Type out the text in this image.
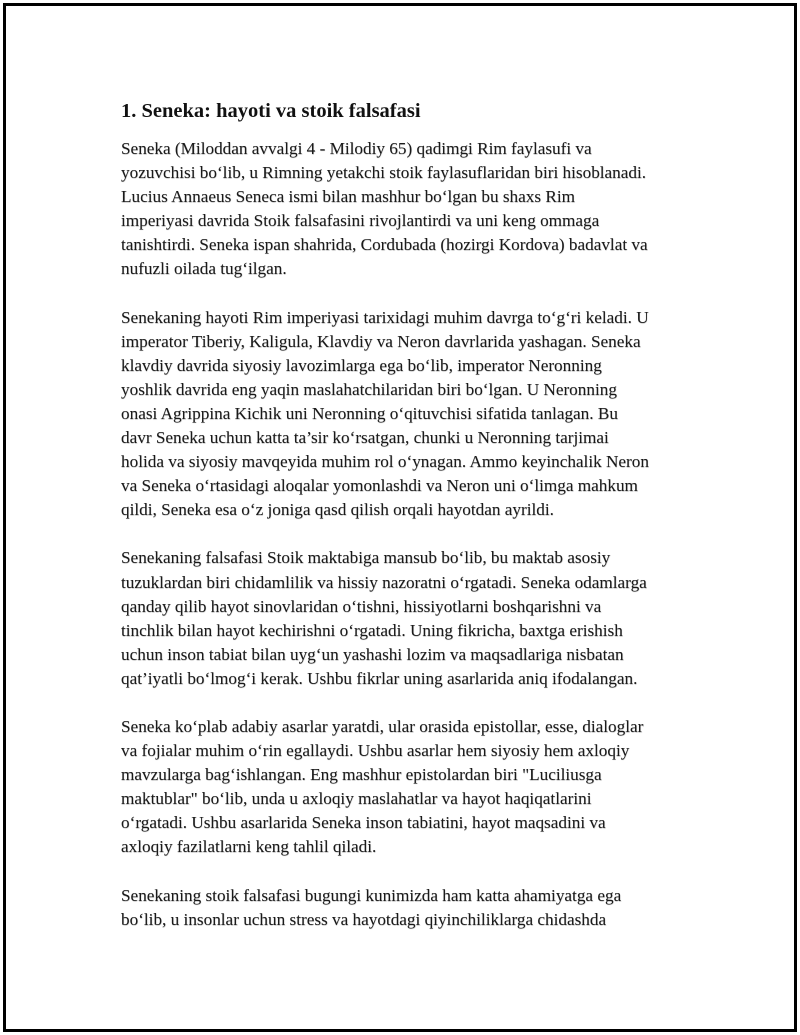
1. Seneka: hayoti va stoik falsafasi

Seneka (Miloddan avvalgi 4 - Milodiy 65) qadimgi Rim faylasufi va
yozuvchisi bo‘lib, u Rimning yetakchi stoik faylasuflaridan biri hisoblanadi.
Lucius Annaeus Seneca ismi bilan mashhur bo‘lgan bu shaxs Rim
imperiyasi davrida Stoik falsafasini rivojlantirdi va uni keng ommaga
tanishtirdi. Seneka ispan shahrida, Cordubada (hozirgi Kordova) badavlat va
nufuzli oilada tug‘ilgan.

Senekaning hayoti Rim imperiyasi tarixidagi muhim davrga to‘g‘ri keladi. U
imperator Tiberiy, Kaligula, Klavdiy va Neron davrlarida yashagan. Seneka
klavdiy davrida siyosiy lavozimlarga ega bo‘lib, imperator Neronning
yoshlik davrida eng yaqin maslahatchilaridan biri bo‘lgan. U Neronning
onasi Agrippina Kichik uni Neronning o‘qituvchisi sifatida tanlagan. Bu
davr Seneka uchun katta ta’sir ko‘rsatgan, chunki u Neronning tarjimai
holida va siyosiy mavqeyida muhim rol o‘ynagan. Ammo keyinchalik Neron
va Seneka o‘rtasidagi aloqalar yomonlashdi va Neron uni o‘limga mahkum
qildi, Seneka esa o‘z joniga qasd qilish orqali hayotdan ayrildi.

Senekaning falsafasi Stoik maktabiga mansub bo‘lib, bu maktab asosiy
tuzuklardan biri chidamlilik va hissiy nazoratni o‘rgatadi. Seneka odamlarga
qanday qilib hayot sinovlaridan o‘tishni, hissiyotlarni boshqarishni va
tinchlik bilan hayot kechirishni o‘rgatadi. Uning fikricha, baxtga erishish
uchun inson tabiat bilan uyg‘un yashashi lozim va maqsadlariga nisbatan
qat’iyatli bo‘lmog‘i kerak. Ushbu fikrlar uning asarlarida aniq ifodalangan.

Seneka ko‘plab adabiy asarlar yaratdi, ular orasida epistollar, esse, dialoglar
va fojialar muhim o‘rin egallaydi. Ushbu asarlar hem siyosiy hem axloqiy
mavzularga bag‘ishlangan. Eng mashhur epistolardan biri "Luciliusga
maktublar" bo‘lib, unda u axloqiy maslahatlar va hayot haqiqatlarini
o‘rgatadi. Ushbu asarlarida Seneka inson tabiatini, hayot maqsadini va
axloqiy fazilatlarni keng tahlil qiladi.

Senekaning stoik falsafasi bugungi kunimizda ham katta ahamiyatga ega
bo‘lib, u insonlar uchun stress va hayotdagi qiyinchiliklarga chidashda
